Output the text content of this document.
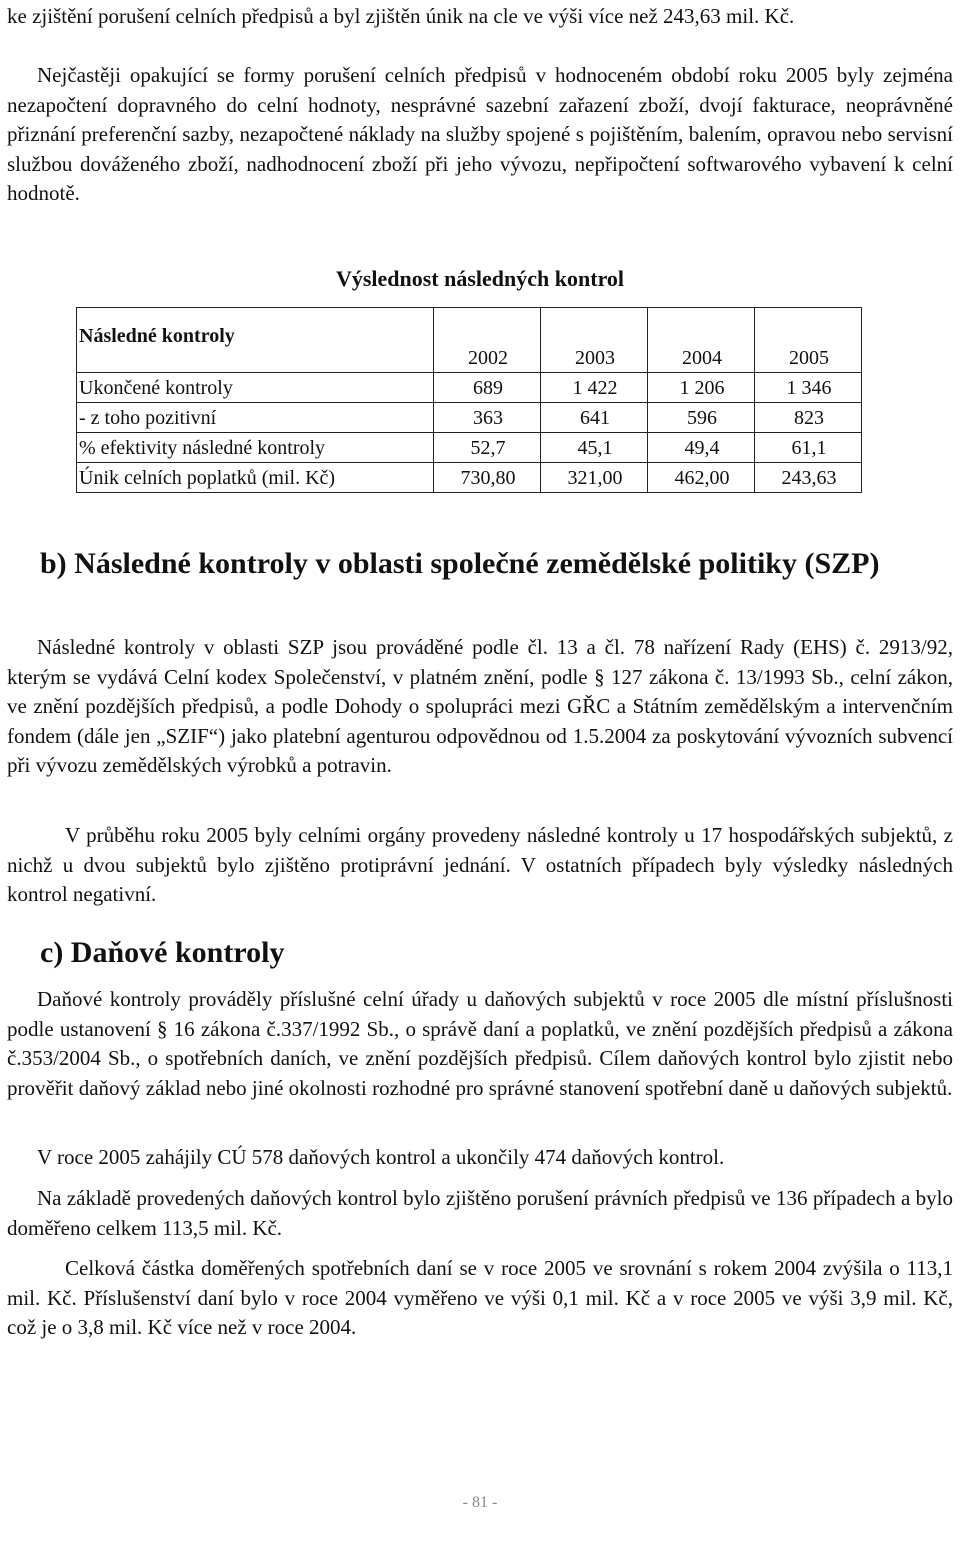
ke zjištění porušení celních předpisů a byl zjištěn únik na cle ve výši více než 243,63 mil. Kč.

Nejčastěji opakující se formy porušení celních předpisů v hodnoceném období roku 2005 byly zejména nezapočtení dopravného do celní hodnoty, nesprávné sazební zařazení zboží, dvojí fakturace, neoprávněné přiznání preferenční sazby, nezapočtené náklady na služby spojené s pojištěním, balením, opravou nebo servisní službou dováženého zboží, nadhodnocení zboží při jeho vývozu, nepřipočtení softwarového vybavení k celní hodnotě.

Výslednost následných kontrol

Následné kontroly	2002	2003	2004	2005
Ukončené kontroly	689	1 422	1 206	1 346
- z toho pozitivní	363	641	596	823
% efektivity následné kontroly	52,7	45,1	49,4	61,1
Únik celních poplatků (mil. Kč)	730,80	321,00	462,00	243,63
b) Následné kontroly v oblasti společné zemědělské politiky (SZP)

Následné kontroly v oblasti SZP jsou prováděné podle čl. 13 a čl. 78 nařízení Rady (EHS) č. 2913/92, kterým se vydává Celní kodex Společenství, v platném znění, podle § 127 zákona č. 13/1993 Sb., celní zákon, ve znění pozdějších předpisů, a podle Dohody o spolupráci mezi GŘC a Státním zemědělským a intervenčním fondem (dále jen „SZIF“) jako platební agenturou odpovědnou od 1.5.2004 za poskytování vývozních subvencí při vývozu zemědělských výrobků a potravin.

V průběhu roku 2005 byly celními orgány provedeny následné kontroly u 17 hospodářských subjektů, z nichž u dvou subjektů bylo zjištěno protiprávní jednání. V ostatních případech byly výsledky následných kontrol negativní.

c) Daňové kontroly

Daňové kontroly prováděly příslušné celní úřady u daňových subjektů v roce 2005 dle místní příslušnosti podle ustanovení § 16 zákona č.337/1992 Sb., o správě daní a poplatků, ve znění pozdějších předpisů a zákona č.353/2004 Sb., o spotřebních daních, ve znění pozdějších předpisů. Cílem daňových kontrol bylo zjistit nebo prověřit daňový základ nebo jiné okolnosti rozhodné pro správné stanovení spotřební daně u daňových subjektů.

V roce 2005 zahájily CÚ 578 daňových kontrol a ukončily 474 daňových kontrol.

Na základě provedených daňových kontrol bylo zjištěno porušení právních předpisů ve 136 případech a bylo doměřeno celkem 113,5 mil. Kč.

Celková částka doměřených spotřebních daní se v roce 2005 ve srovnání s rokem 2004 zvýšila o 113,1 mil. Kč. Příslušenství daní bylo v roce 2004 vyměřeno ve výši 0,1 mil. Kč a v roce 2005 ve výši 3,9 mil. Kč, což je o 3,8 mil. Kč více než v roce 2004.

- 81 -
